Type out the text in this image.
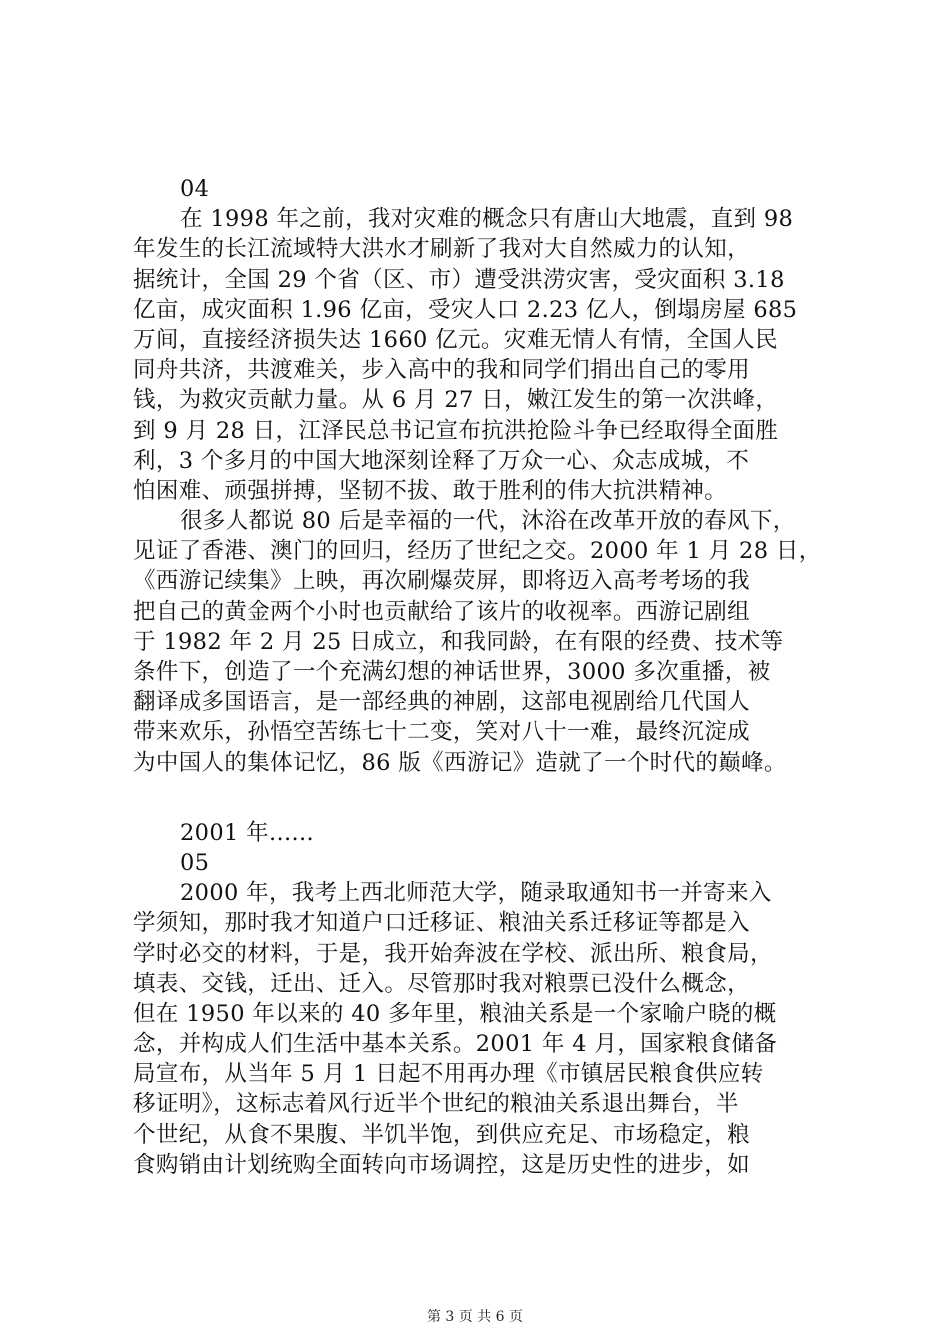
04
在 1998 年之前，我对灾难的概念只有唐山大地震，直到 98
年发生的长江流域特大洪水才刷新了我对大自然威力的认知，
据统计，全国 29 个省（区、市）遭受洪涝灾害，受灾面积 3.18
亿亩，成灾面积 1.96 亿亩，受灾人口 2.23 亿人，倒塌房屋 685
万间，直接经济损失达 1660 亿元。灾难无情人有情，全国人民
同舟共济，共渡难关，步入高中的我和同学们捐出自己的零用
钱，为救灾贡献力量。从 6 月 27 日，嫩江发生的第一次洪峰，
到 9 月 28 日，江泽民总书记宣布抗洪抢险斗争已经取得全面胜
利，3 个多月的中国大地深刻诠释了万众一心、众志成城，不
怕困难、顽强拼搏，坚韧不拔、敢于胜利的伟大抗洪精神。
很多人都说 80 后是幸福的一代，沐浴在改革开放的春风下，
见证了香港、澳门的回归，经历了世纪之交。2000 年 1 月 28 日，
《西游记续集》上映，再次刷爆荧屏，即将迈入高考考场的我
把自己的黄金两个小时也贡献给了该片的收视率。西游记剧组
于 1982 年 2 月 25 日成立，和我同龄，在有限的经费、技术等
条件下，创造了一个充满幻想的神话世界，3000 多次重播，被
翻译成多国语言，是一部经典的神剧，这部电视剧给几代国人
带来欢乐，孙悟空苦练七十二变，笑对八十一难，最终沉淀成
为中国人的集体记忆，86 版《西游记》造就了一个时代的巅峰。
2001 年......
05
2000 年，我考上西北师范大学，随录取通知书一并寄来入
学须知，那时我才知道户口迁移证、粮油关系迁移证等都是入
学时必交的材料，于是，我开始奔波在学校、派出所、粮食局，
填表、交钱，迁出、迁入。尽管那时我对粮票已没什么概念，
但在 1950 年以来的 40 多年里，粮油关系是一个家喻户晓的概
念，并构成人们生活中基本关系。2001 年 4 月，国家粮食储备
局宣布，从当年 5 月 1 日起不用再办理《市镇居民粮食供应转
移证明》，这标志着风行近半个世纪的粮油关系退出舞台，半
个世纪，从食不果腹、半饥半饱，到供应充足、市场稳定，粮
食购销由计划统购全面转向市场调控，这是历史性的进步，如
第 3 页 共 6 页
